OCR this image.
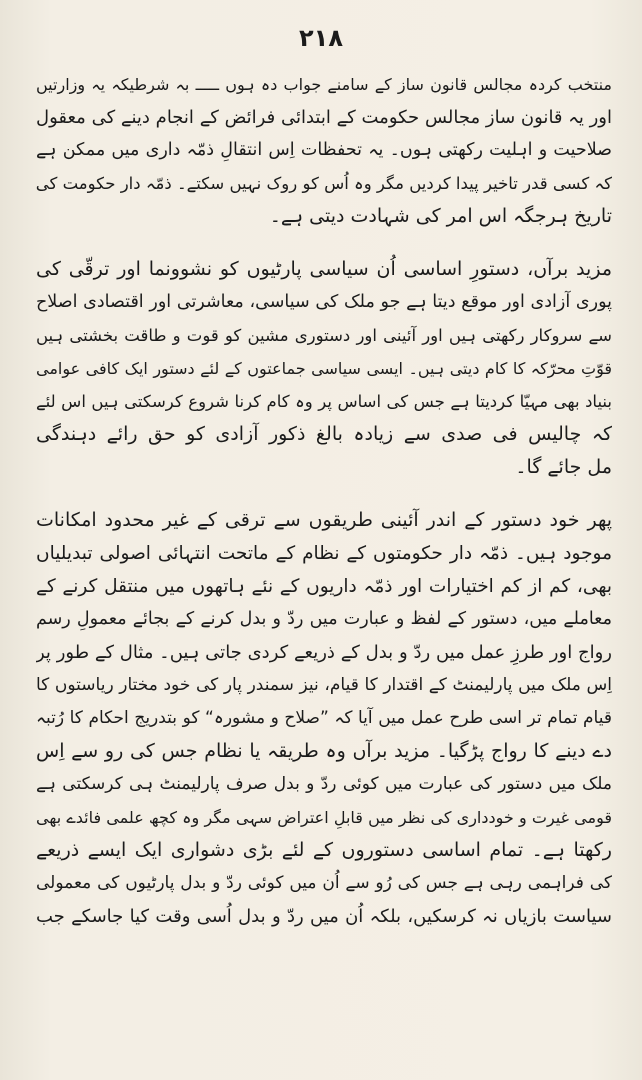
۲۱۸
منتخب کردہ مجالس قانون ساز کے سامنے جواب دہ ہوں ـــــ بہ شرطیکہ یہ وزارتیں
اور یہ قانون ساز مجالس حکومت کے ابتدائی فرائض کے انجام دینے کی معقول
صلاحیت و اہلیت رکھتی ہوں۔ یہ تحفظات اِس انتقالِ ذمّہ داری میں ممکن ہے
کہ کسی قدر تاخیر پیدا کردیں مگر وہ اُس کو روک نہیں سکتے۔ ذمّہ دار حکومت کی
تاریخ ہرجگہ اس امر کی شہادت دیتی ہے۔
مزید برآں، دستورِ اساسی اُن سیاسی پارٹیوں کو نشوونما اور ترقّی کی
پوری آزادی اور موقع دیتا ہے جو ملک کی سیاسی، معاشرتی اور اقتصادی اصلاح
سے سروکار رکھتی ہیں اور آئینی اور دستوری مشین کو قوت و طاقت بخشتی ہیں
قوّتِ محرّکہ کا کام دیتی ہیں۔ ایسی سیاسی جماعتوں کے لئے دستور ایک کافی عوامی
بنیاد بھی مہیّا کردیتا ہے جس کی اساس پر وہ کام کرنا شروع کرسکتی ہیں اس لئے
کہ چالیس فی صدی سے زیادہ بالغ ذکور آزادی کو حق رائے دہندگی
مل جائے گا۔
پھر خود دستور کے اندر آئینی طریقوں سے ترقی کے غیر محدود امکانات
موجود ہیں۔ ذمّہ دار حکومتوں کے نظام کے ماتحت انتہائی اصولی تبدیلیاں
بھی، کم از کم اختیارات اور ذمّہ داریوں کے نئے ہاتھوں میں منتقل کرنے کے
معاملے میں، دستور کے لفظ و عبارت میں ردّ و بدل کرنے کے بجائے معمولِ رسم
رواج اور طرزِ عمل میں ردّ و بدل کے ذریعے کردی جاتی ہیں۔ مثال کے طور پر
اِس ملک میں پارلیمنٹ کے اقتدار کا قیام، نیز سمندر پار کی خود مختار ریاستوں کا
قیام تمام تر اسی طرح عمل میں آیا کہ ”صلاح و مشورہ“ کو بتدریج احکام کا رُتبہ
دے دینے کا رواج پڑگیا۔ مزید برآں وہ طریقہ یا نظام جس کی رو سے اِس
ملک میں دستور کی عبارت میں کوئی ردّ و بدل صرف پارلیمنٹ ہی کرسکتی ہے
قومی غیرت و خودداری کی نظر میں قابلِ اعتراض سہی مگر وہ کچھ علمی فائدے بھی
رکھتا ہے۔ تمام اساسی دستوروں کے لئے بڑی دشواری ایک ایسے ذریعے
کی فراہمی رہی ہے جس کی رُو سے اُن میں کوئی ردّ و بدل پارٹیوں کی معمولی
سیاست بازیاں نہ کرسکیں، بلکہ اُن میں ردّ و بدل اُسی وقت کیا جاسکے جب
